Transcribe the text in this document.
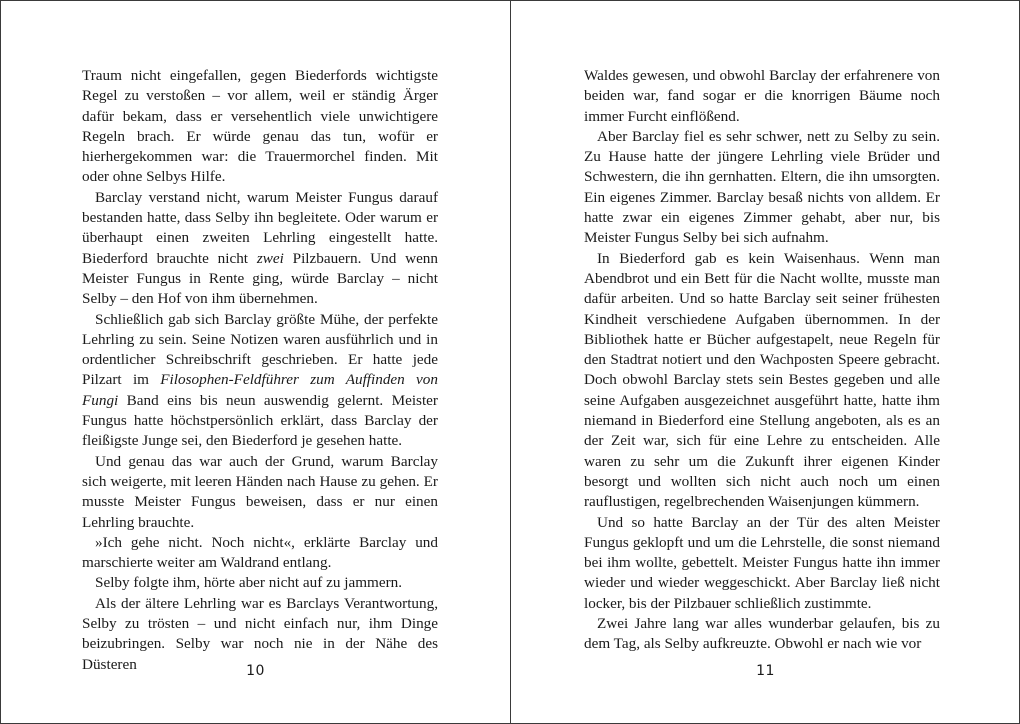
Traum nicht eingefallen, gegen Biederfords wichtigste Regel zu verstoßen – vor allem, weil er ständig Ärger dafür bekam, dass er versehentlich viele unwichtigere Regeln brach. Er würde genau das tun, wofür er hierhergekommen war: die Trauermorchel finden. Mit oder ohne Selbys Hilfe.

Barclay verstand nicht, warum Meister Fungus darauf bestanden hatte, dass Selby ihn begleitete. Oder warum er überhaupt einen zweiten Lehrling eingestellt hatte. Biederford brauchte nicht zwei Pilzbauern. Und wenn Meister Fungus in Rente ging, würde Barclay – nicht Selby – den Hof von ihm übernehmen.

Schließlich gab sich Barclay größte Mühe, der perfekte Lehrling zu sein. Seine Notizen waren ausführlich und in ordentlicher Schreibschrift geschrieben. Er hatte jede Pilzart im Filosophen-Feldführer zum Auffinden von Fungi Band eins bis neun auswendig gelernt. Meister Fungus hatte höchstpersönlich erklärt, dass Barclay der fleißigste Junge sei, den Biederford je gesehen hatte.

Und genau das war auch der Grund, warum Barclay sich weigerte, mit leeren Händen nach Hause zu gehen. Er musste Meister Fungus beweisen, dass er nur einen Lehrling brauchte.

»Ich gehe nicht. Noch nicht«, erklärte Barclay und marschierte weiter am Waldrand entlang.

Selby folgte ihm, hörte aber nicht auf zu jammern.

Als der ältere Lehrling war es Barclays Verantwortung, Selby zu trösten – und nicht einfach nur, ihm Dinge beizubringen. Selby war noch nie in der Nähe des Düsteren	10

Waldes gewesen, und obwohl Barclay der erfahrenere von beiden war, fand sogar er die knorrigen Bäume noch immer Furcht einflößend.

Aber Barclay fiel es sehr schwer, nett zu Selby zu sein. Zu Hause hatte der jüngere Lehrling viele Brüder und Schwestern, die ihn gernhatten. Eltern, die ihn umsorgten. Ein eigenes Zimmer. Barclay besaß nichts von alldem. Er hatte zwar ein eigenes Zimmer gehabt, aber nur, bis Meister Fungus Selby bei sich aufnahm.

In Biederford gab es kein Waisenhaus. Wenn man Abendbrot und ein Bett für die Nacht wollte, musste man dafür arbeiten. Und so hatte Barclay seit seiner frühesten Kindheit verschiedene Aufgaben übernommen. In der Bibliothek hatte er Bücher aufgestapelt, neue Regeln für den Stadtrat notiert und den Wachposten Speere gebracht. Doch obwohl Barclay stets sein Bestes gegeben und alle seine Aufgaben ausgezeichnet ausgeführt hatte, hatte ihm niemand in Biederford eine Stellung angeboten, als es an der Zeit war, sich für eine Lehre zu entscheiden. Alle waren zu sehr um die Zukunft ihrer eigenen Kinder besorgt und wollten sich nicht auch noch um einen rauflustigen, regelbrechenden Waisenjungen kümmern.

Und so hatte Barclay an der Tür des alten Meister Fungus geklopft und um die Lehrstelle, die sonst niemand bei ihm wollte, gebettelt. Meister Fungus hatte ihn immer wieder und wieder weggeschickt. Aber Barclay ließ nicht locker, bis der Pilzbauer schließlich zustimmte.

Zwei Jahre lang war alles wunderbar gelaufen, bis zu dem Tag, als Selby aufkreuzte. Obwohl er nach wie vor

11
